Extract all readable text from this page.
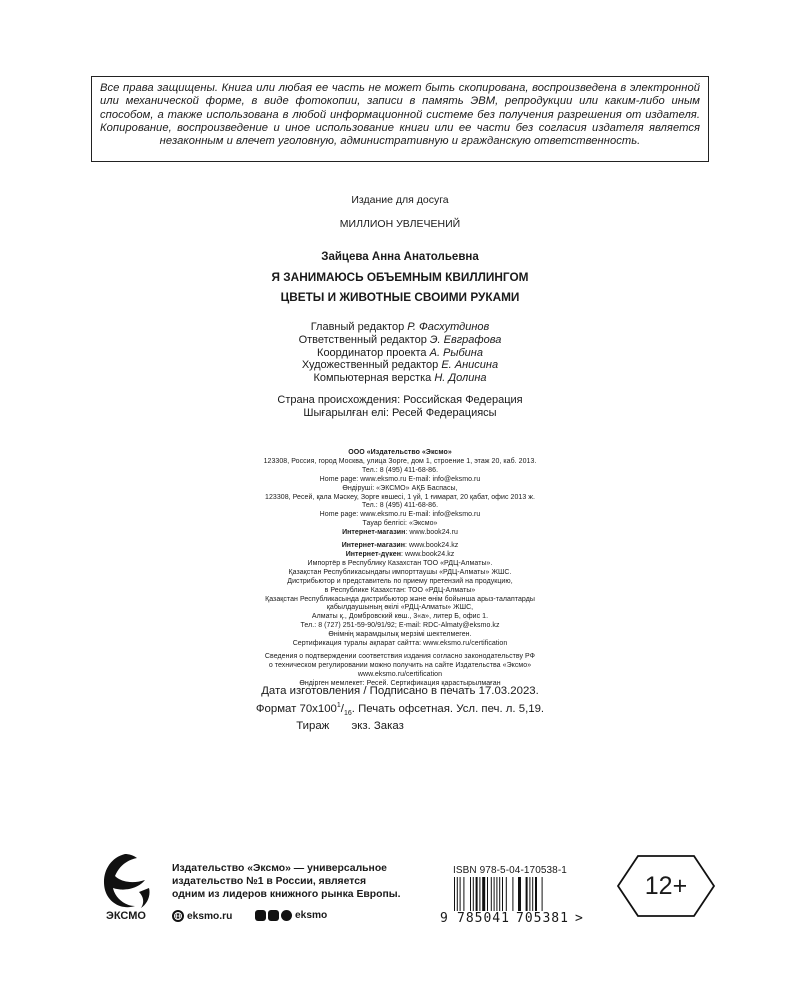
Все права защищены. Книга или любая ее часть не может быть скопирована, воспроизведена в электронной или механической форме, в виде фотокопии, записи в память ЭВМ, репродукции или каким-либо иным способом, а также использована в любой информационной системе без получения разрешения от издателя. Копирование, воспроизведение и иное использование книги или ее части без согласия издателя является незаконным и влечет уголовную, административную и гражданскую ответственность.
Издание для досуга
МИЛЛИОН УВЛЕЧЕНИЙ
Зайцева Анна Анатольевна
Я ЗАНИМАЮСЬ ОБЪЕМНЫМ КВИЛЛИНГОМ
ЦВЕТЫ И ЖИВОТНЫЕ СВОИМИ РУКАМИ
Главный редактор Р. Фасхутдинов
Ответственный редактор Э. Евграфова
Координатор проекта А. Рыбина
Художественный редактор Е. Анисина
Компьютерная верстка Н. Долина
Страна происхождения: Российская Федерация
Шығарылған елі: Ресей Федерациясы
ООО «Издательство «Эксмо»
123308, Россия, город Москва, улица Зорге, дом 1, строение 1, этаж 20, каб. 2013.
Тел.: 8 (495) 411-68-86.
Home page: www.eksmo.ru E-mail: info@eksmo.ru
Өндіруші: «ЭКСМО» АҚБ Баспасы,
123308, Ресей, қала Мәскеу, Зорге көшесі, 1 үй, 1 ғимарат, 20 қабат, офис 2013 ж.
Тел.: 8 (495) 411-68-86.
Home page: www.eksmo.ru E-mail: info@eksmo.ru
Тауар белгісі: «Эксмо»
Интернет-магазин: www.book24.ru
Интернет-магазин: www.book24.kz
Интернет-дүкен: www.book24.kz
Импортёр в Республику Казахстан ТОО «РДЦ-Алматы».
Қазақстан Республикасындағы импорттаушы «РДЦ-Алматы» ЖШС.
Дистрибьютор и представитель по приему претензий на продукцию,
в Республике Казахстан: ТОО «РДЦ-Алматы»
Қазақстан Республикасында дистрибьютор және өнім бойынша арыз-талаптарды
қабылдаушының өкілі «РДЦ-Алматы» ЖШС,
Алматы қ., Домбровский көш., 3«а», литер Б, офис 1.
Тел.: 8 (727) 251-59-90/91/92; E-mail: RDC-Almaty@eksmo.kz
Өнімнің жарамдылық мерзімі шектелмеген.
Сертификация туралы ақпарат сайтта: www.eksmo.ru/certification
Сведения о подтверждении соответствия издания согласно законодательству РФ
о техническом регулировании можно получить на сайте Издательства «Эксмо»
www.eksmo.ru/certification
Өндірген мемлекет: Ресей. Сертификация қарастырылмаған
Дата изготовления / Подписано в печать 17.03.2023.
Формат $70x100^1/_{16}$. Печать офсетная. Усл. печ. л. 5,19.
Тираж экз. Заказ
ЭКСМО
Издательство «Эксмо» — универсальное
издательство №1 в России, является
одним из лидеров книжного рынка Европы.
eksmo.ru	eksmo
ISBN 978-5-04-170538-1
9 785041 705381 >
12+
